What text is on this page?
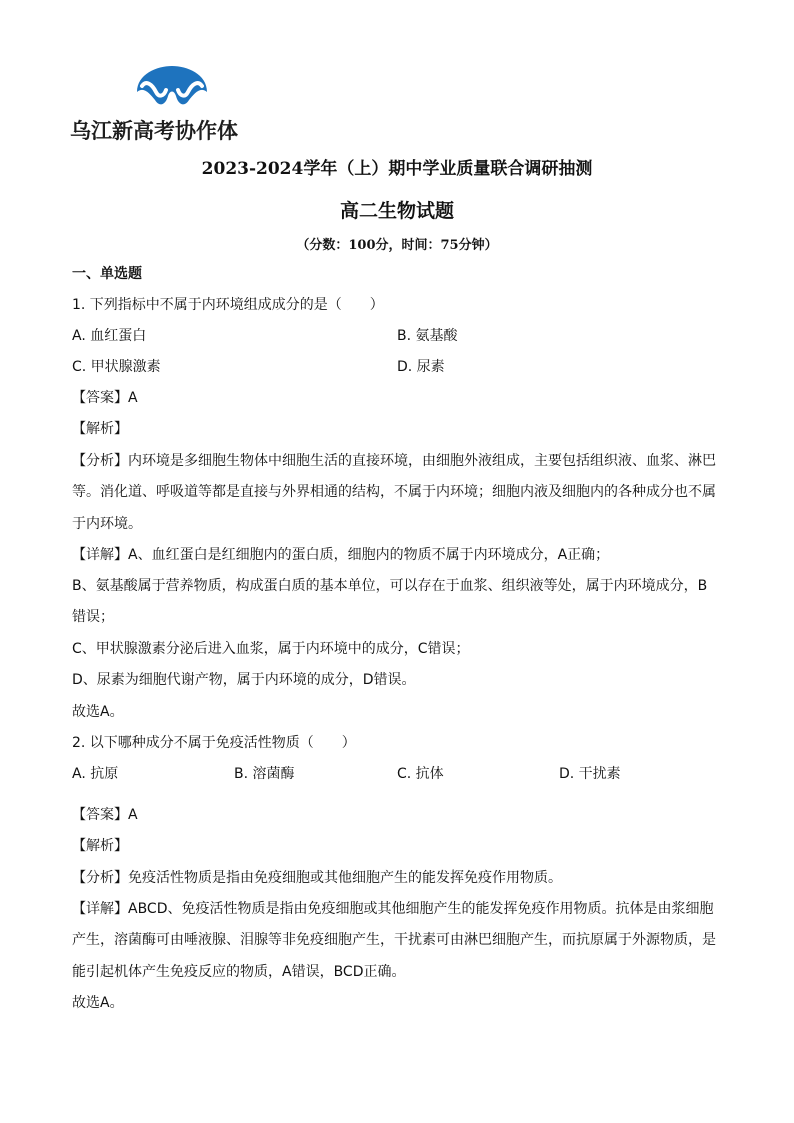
乌江新高考协作体
2023-2024学年（上）期中学业质量联合调研抽测
高二生物试题
（分数：100分，时间：75分钟）
一、单选题
1. 下列指标中不属于内环境组成成分的是（　　）
A. 血红蛋白	B. 氨基酸
C. 甲状腺激素	D. 尿素
【答案】A
【解析】
【分析】内环境是多细胞生物体中细胞生活的直接环境，由细胞外液组成，主要包括组织液、血浆、淋巴
等。消化道、呼吸道等都是直接与外界相通的结构，不属于内环境；细胞内液及细胞内的各种成分也不属
于内环境。
【详解】A、血红蛋白是红细胞内的蛋白质，细胞内的物质不属于内环境成分，A正确；
B、氨基酸属于营养物质，构成蛋白质的基本单位，可以存在于血浆、组织液等处，属于内环境成分，B
错误；
C、甲状腺激素分泌后进入血浆，属于内环境中的成分，C错误；
D、尿素为细胞代谢产物，属于内环境的成分，D错误。
故选A。
2. 以下哪种成分不属于免疫活性物质（　　）
A. 抗原	B. 溶菌酶	C. 抗体	D. 干扰素
【答案】A
【解析】
【分析】免疫活性物质是指由免疫细胞或其他细胞产生的能发挥免疫作用物质。
【详解】ABCD、免疫活性物质是指由免疫细胞或其他细胞产生的能发挥免疫作用物质。抗体是由浆细胞
产生，溶菌酶可由唾液腺、泪腺等非免疫细胞产生，干扰素可由淋巴细胞产生，而抗原属于外源物质，是
能引起机体产生免疫反应的物质，A错误，BCD正确。
故选A。
